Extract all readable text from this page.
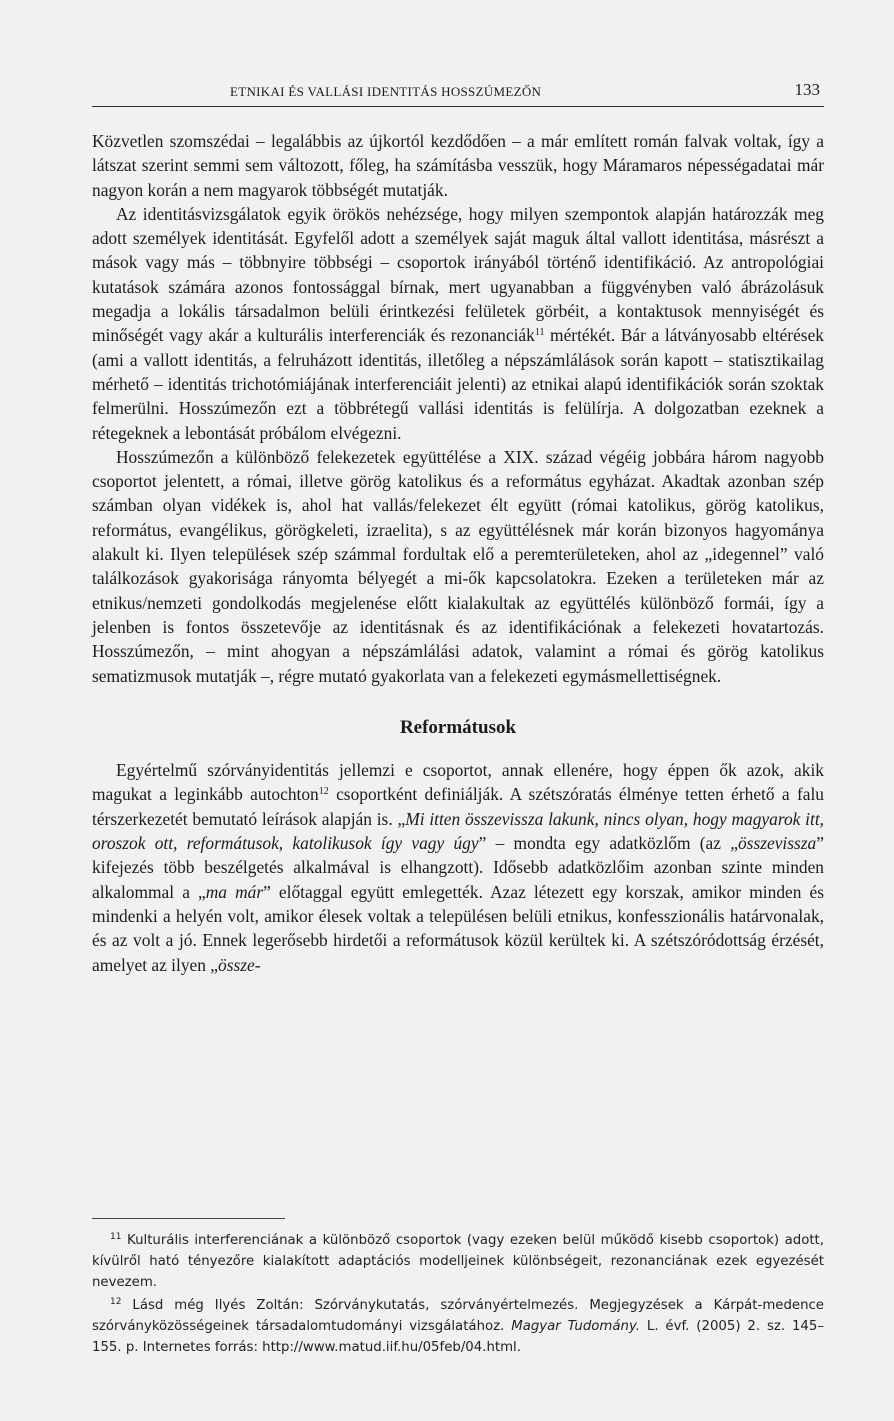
ETNIKAI ÉS VALLÁSI IDENTITÁS HOSSZÚMEZŐN	133

Közvetlen szomszédai – legalábbis az újkortól kezdődően – a már említett román falvak voltak, így a látszat szerint semmi sem változott, főleg, ha számításba vesszük, hogy Máramaros népességadatai már nagyon korán a nem magyarok többségét mutatják.

Az identitásvizsgálatok egyik örökös nehézsége, hogy milyen szempontok alapján határozzák meg adott személyek identitását. Egyfelől adott a személyek saját maguk által vallott identitása, másrészt a mások vagy más – többnyire többségi – csoportok irányából történő identifikáció. Az antropológiai kutatások számára azonos fontossággal bírnak, mert ugyanabban a függvényben való ábrázolásuk megadja a lokális társadalmon belüli érintkezési felületek görbéit, a kontaktusok mennyiségét és minőségét vagy akár a kulturális interferenciák és rezonanciák$^{11}$ mértékét. Bár a látványosabb eltérések (ami a vallott identitás, a felruházott identitás, illetőleg a népszámlálások során kapott – statisztikailag mérhető – identitás trichotómiájának interferenciáit jelenti) az etnikai alapú identifikációk során szoktak felmerülni. Hosszúmezőn ezt a többrétegű vallási identitás is felülírja. A dolgozatban ezeknek a rétegeknek a lebontását próbálom elvégezni.

Hosszúmezőn a különböző felekezetek együttélése a XIX. század végéig jobbára három nagyobb csoportot jelentett, a római, illetve görög katolikus és a református egyházat. Akadtak azonban szép számban olyan vidékek is, ahol hat vallás/felekezet élt együtt (római katolikus, görög katolikus, református, evangélikus, görögkeleti, izraelita), s az együttélésnek már korán bizonyos hagyománya alakult ki. Ilyen települések szép számmal fordultak elő a peremterületeken, ahol az „idegennel” való találkozások gyakorisága rányomta bélyegét a mi-ők kapcsolatokra. Ezeken a területeken már az etnikus/nemzeti gondolkodás megjelenése előtt kialakultak az együttélés különböző formái, így a jelenben is fontos összetevője az identitásnak és az identifikációnak a felekezeti hovatartozás. Hosszúmezőn, – mint ahogyan a népszámlálási adatok, valamint a római és görög katolikus sematizmusok mutatják –, régre mutató gyakorlata van a felekezeti egymásmellettiségnek.

Reformátusok

Egyértelmű szórványidentitás jellemzi e csoportot, annak ellenére, hogy éppen ők azok, akik magukat a leginkább autochton$^{12}$ csoportként definiálják. A szétszóratás élménye tetten érhető a falu térszerkezetét bemutató leírások alapján is. „Mi itten összevissza lakunk, nincs olyan, hogy magyarok itt, oroszok ott, reformátusok, katolikusok így vagy úgy” – mondta egy adatközlőm (az „összevissza” kifejezés több beszélgetés alkalmával is elhangzott). Idősebb adatközlőim azonban szinte minden alkalommal a „ma már” előtaggal együtt emlegették. Azaz létezett egy korszak, amikor minden és mindenki a helyén volt, amikor élesek voltak a településen belüli etnikus, konfesszionális határvonalak, és az volt a jó. Ennek legerősebb hirdetői a reformátusok közül kerültek ki. A szétszóródottság érzését, amelyet az ilyen „össze-

$^{11}$ Kulturális interferenciának a különböző csoportok (vagy ezeken belül működő kisebb csoportok) adott, kívülről ható tényezőre kialakított adaptációs modelljeinek különbségeit, rezonanciának ezek egyezését nevezem.

$^{12}$ Lásd még Ilyés Zoltán: Szórványkutatás, szórványértelmezés. Megjegyzések a Kárpát-medence szórványközösségeinek társadalomtudományi vizsgálatához. Magyar Tudomány. L. évf. (2005) 2. sz. 145–155. p. Internetes forrás: http://www.matud.iif.hu/05feb/04.html.
